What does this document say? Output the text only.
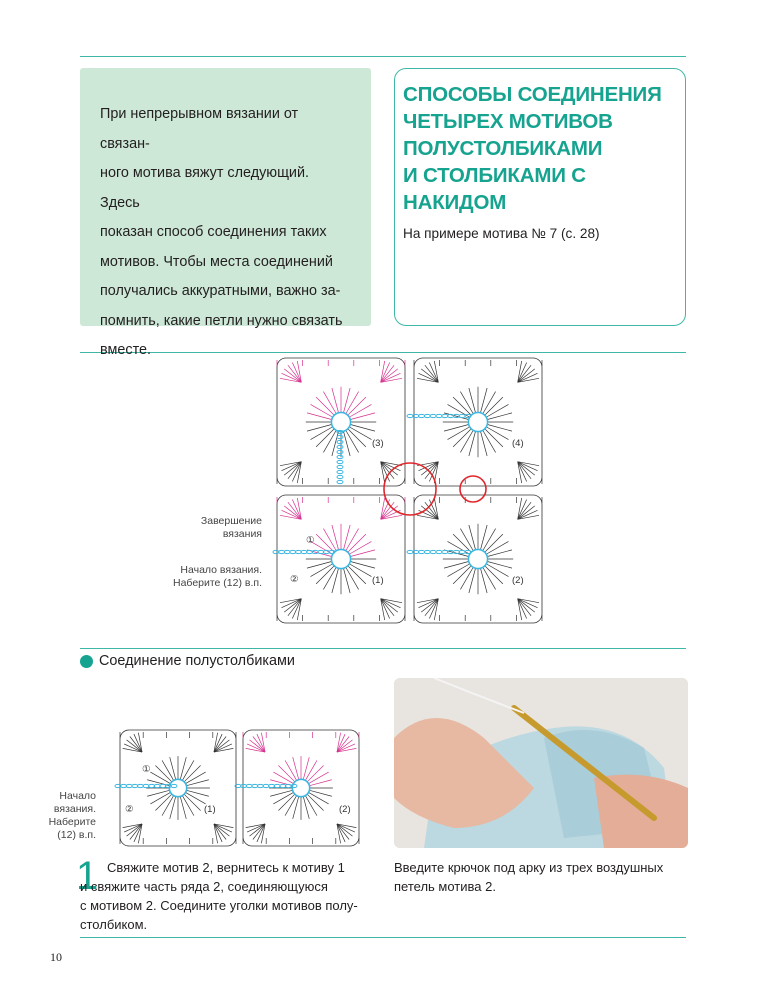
При непрерывном вязании от связан-
ного мотива вяжут следующий. Здесь
показан способ соединения таких
мотивов. Чтобы места соединений
получались аккуратными, важно за-
помнить, какие петли нужно связать
вместе.

СПОСОБЫ СОЕДИНЕНИЯ
ЧЕТЫРЕХ МОТИВОВ
ПОЛУСТОЛБИКАМИ
И СТОЛБИКАМИ С НАКИДОМ

На примере мотива № 7 (с. 28)

(3)	(4)
(1)	(2)
①
②
Завершение
вязания
Начало вязания.
Наберите (12) в.п.
Соединение полустолбиками
(1)	(2)
①
②
Начало
вязания.
Наберите
(12) в.п.
1 Свяжите мотив 2, вернитесь к мотиву 1
и свяжите часть ряда 2, соединяющуюся
с мотивом 2. Соедините уголки мотивов полу-
столбиком.
Введите крючок под арку из трех воздушных
петель мотива 2.
10
